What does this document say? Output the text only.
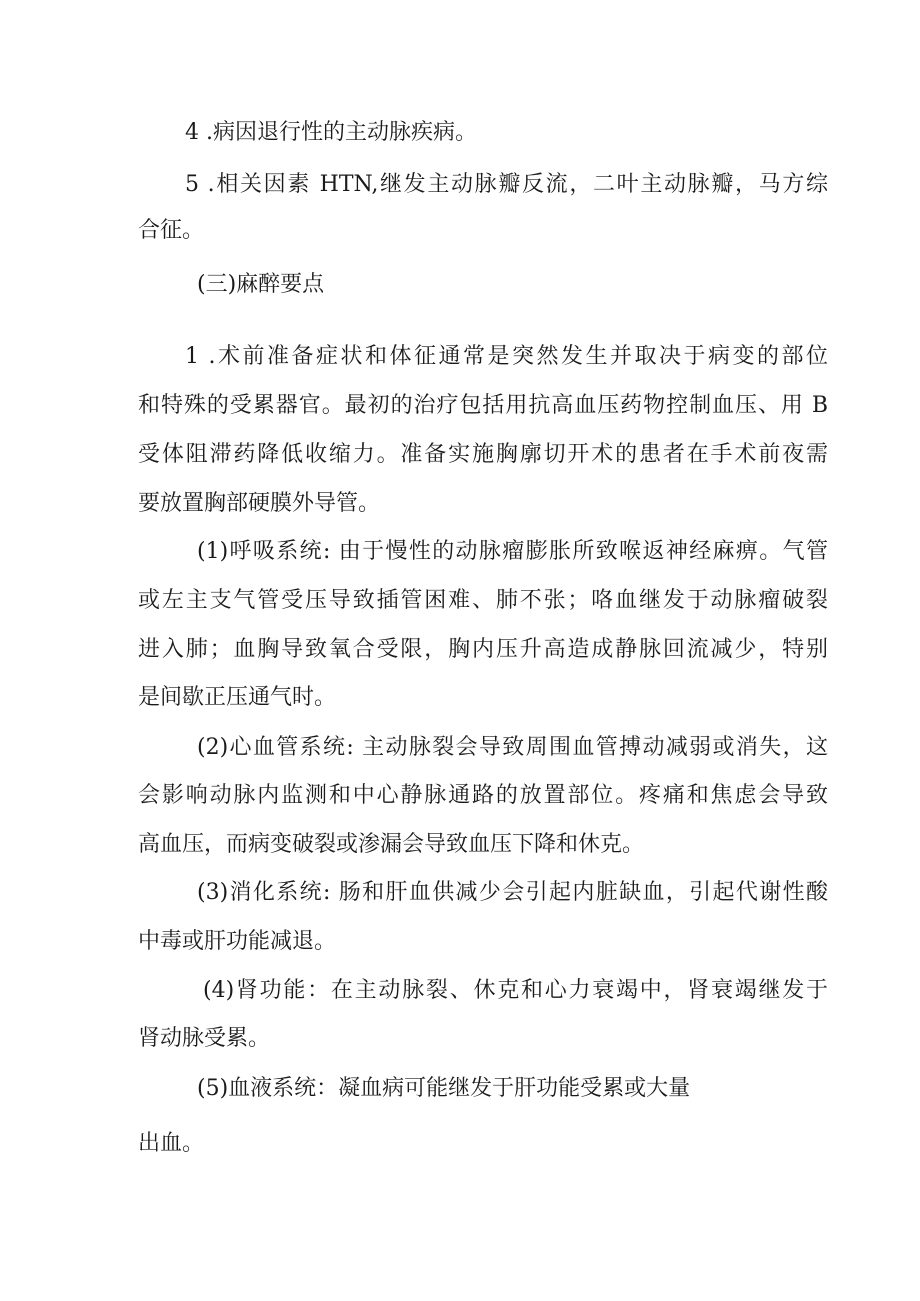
4 .病因退行性的主动脉疾病。
5 .相关因素 HTN,继发主动脉瓣反流，二叶主动脉瓣，马方综
合征。
(三)麻醉要点
1 .术前准备症状和体征通常是突然发生并取决于病变的部位
和特殊的受累器官。最初的治疗包括用抗高血压药物控制血压、用 B
受体阻滞药降低收缩力。准备实施胸廓切开术的患者在手术前夜需
要放置胸部硬膜外导管。
(1)呼吸系统: 由于慢性的动脉瘤膨胀所致喉返神经麻痹。气管
或左主支气管受压导致插管困难、肺不张；咯血继发于动脉瘤破裂
进入肺；血胸导致氧合受限，胸内压升高造成静脉回流减少，特别
是间歇正压通气时。
(2)心血管系统: 主动脉裂会导致周围血管搏动减弱或消失，这
会影响动脉内监测和中心静脉通路的放置部位。疼痛和焦虑会导致
高血压，而病变破裂或渗漏会导致血压下降和休克。
(3)消化系统: 肠和肝血供减少会引起内脏缺血，引起代谢性酸
中毒或肝功能减退。
(4)肾功能：在主动脉裂、休克和心力衰竭中，肾衰竭继发于
肾动脉受累。
(5)血液系统：凝血病可能继发于肝功能受累或大量
出血。
